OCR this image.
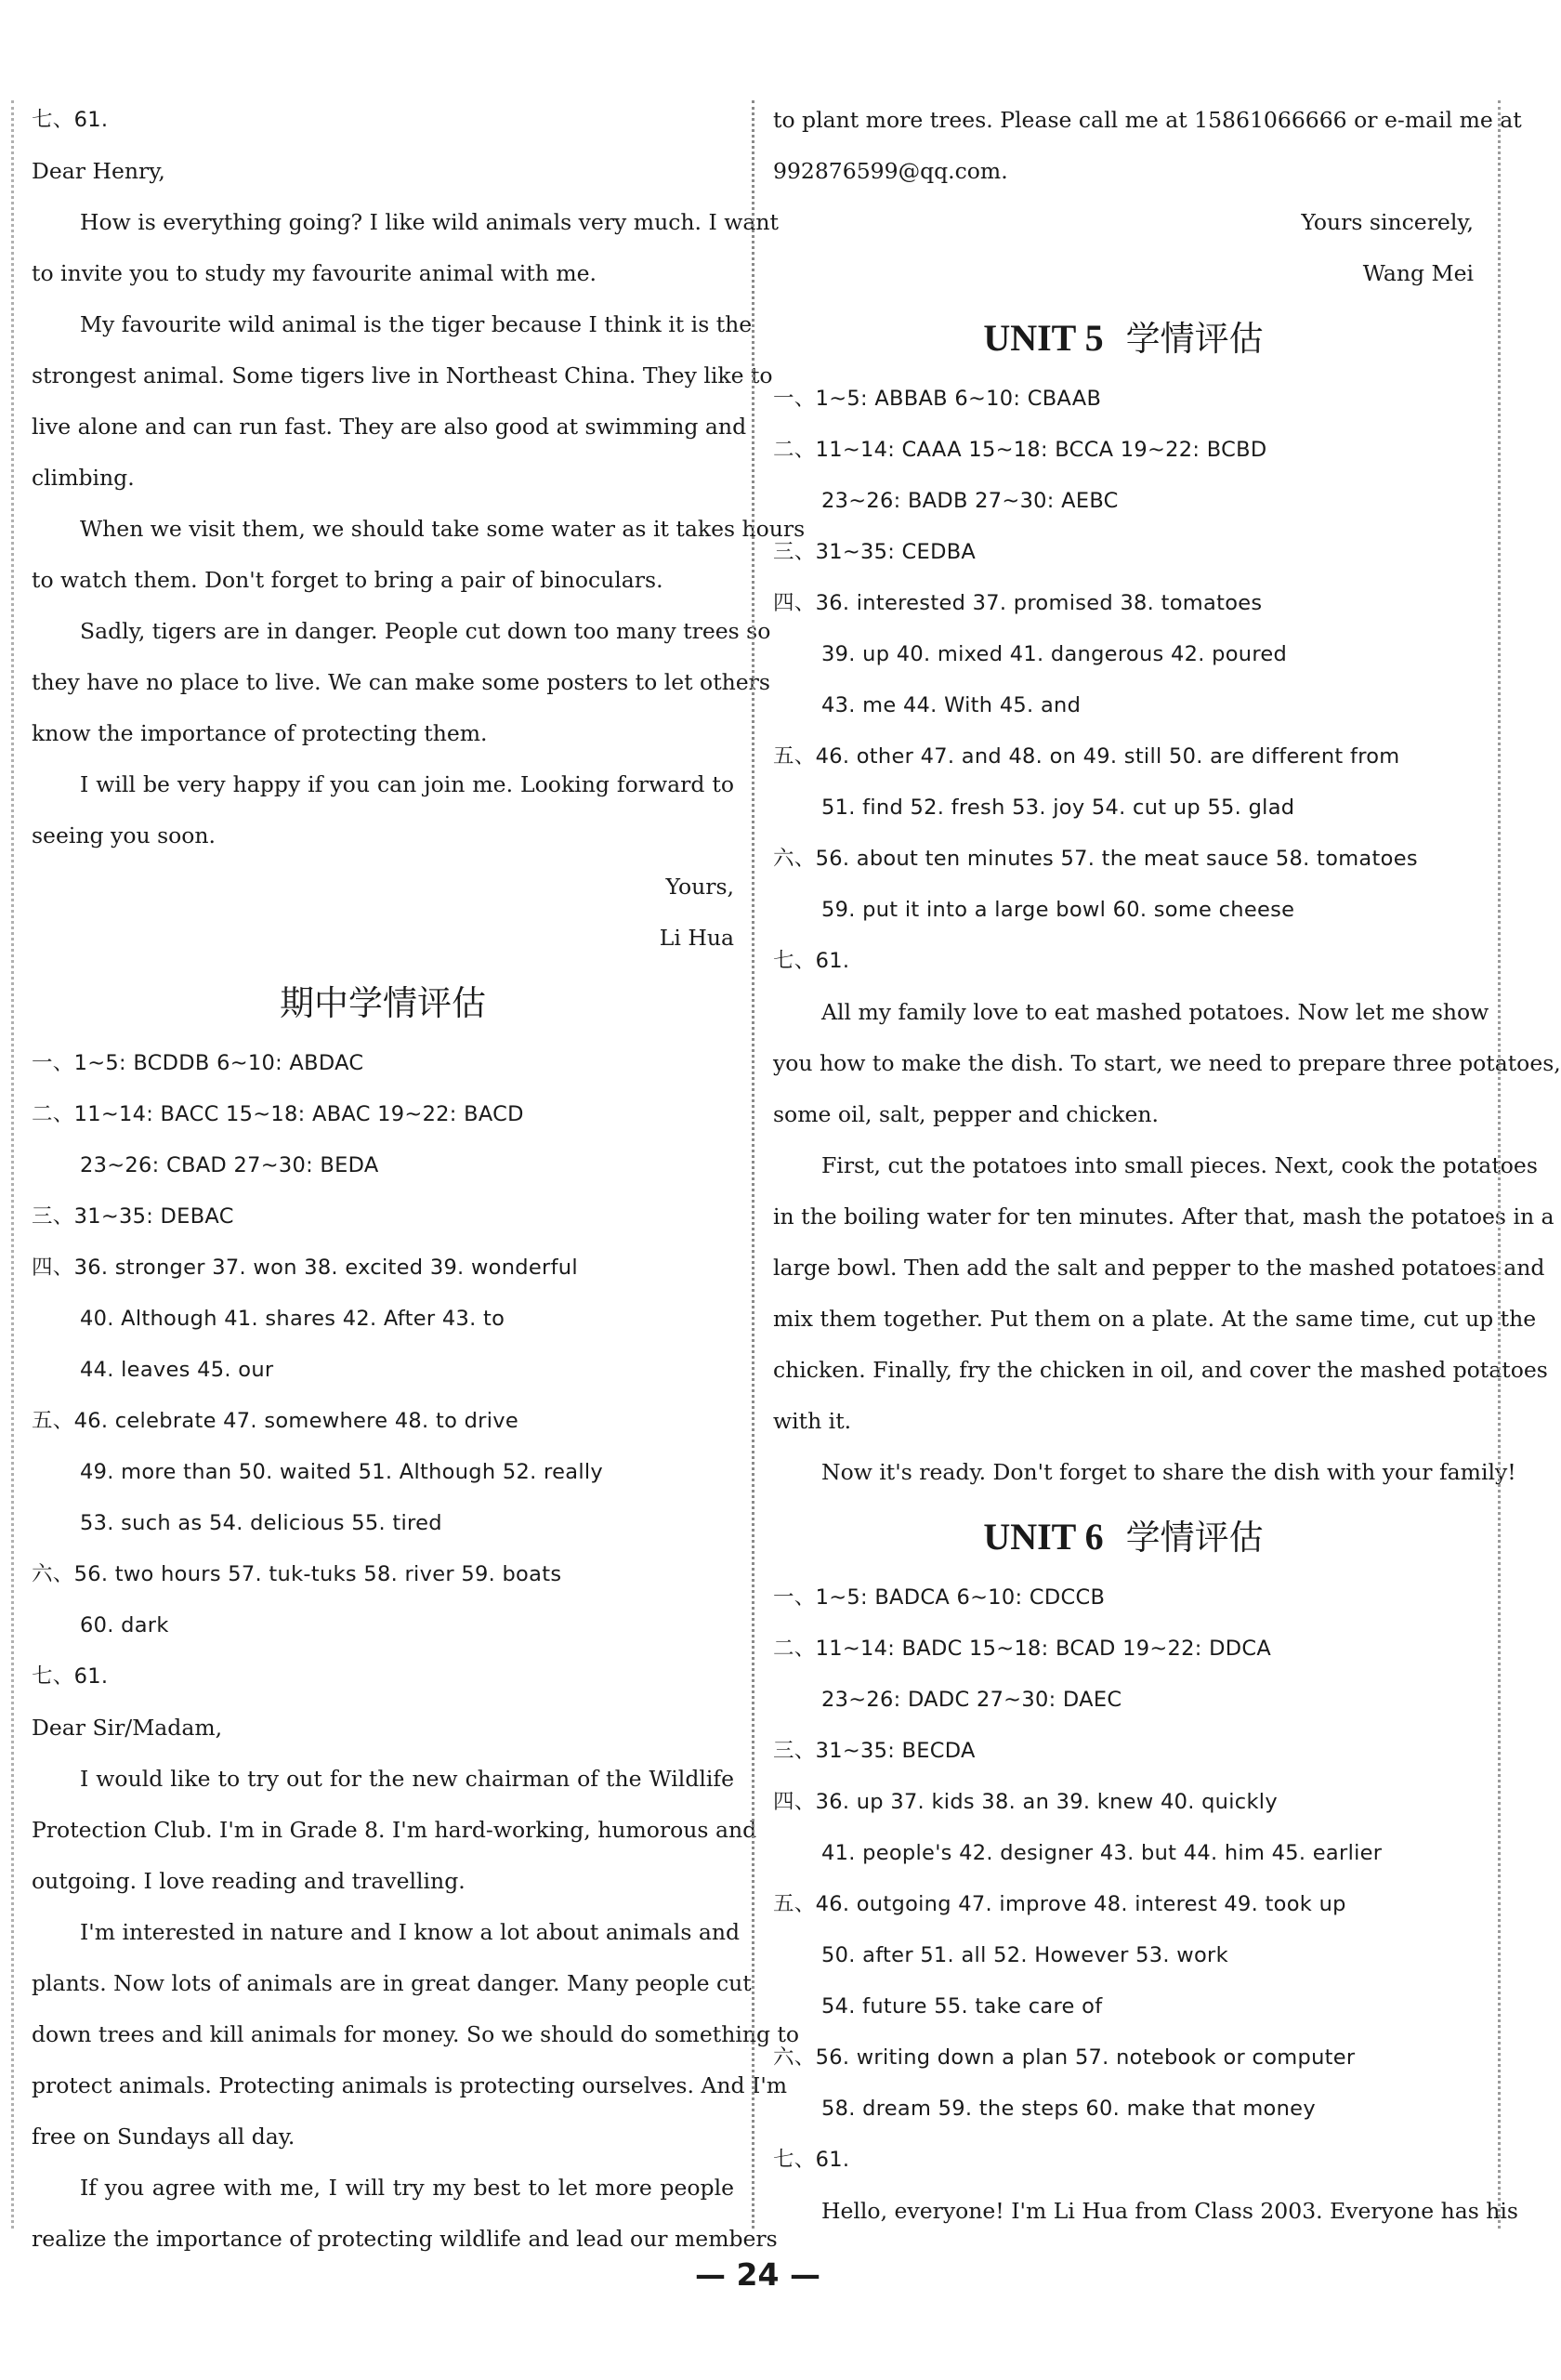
七、61.
Dear Henry,
How is everything going? I like wild animals very much. I want
to invite you to study my favourite animal with me.
My favourite wild animal is the tiger because I think it is the
strongest animal. Some tigers live in Northeast China. They like to
live alone and can run fast. They are also good at swimming and
climbing.
When we visit them, we should take some water as it takes hours
to watch them. Don't forget to bring a pair of binoculars.
Sadly, tigers are in danger. People cut down too many trees so
they have no place to live. We can make some posters to let others
know the importance of protecting them.
I will be very happy if you can join me. Looking forward to
seeing you soon.
Yours,
Li Hua
期中学情评估
一、1~5: BCDDB 6~10: ABDAC
二、11~14: BACC 15~18: ABAC 19~22: BACD
23~26: CBAD 27~30: BEDA
三、31~35: DEBAC
四、36. stronger 37. won 38. excited 39. wonderful
40. Although 41. shares 42. After 43. to
44. leaves 45. our
五、46. celebrate 47. somewhere 48. to drive
49. more than 50. waited 51. Although 52. really
53. such as 54. delicious 55. tired
六、56. two hours 57. tuk-tuks 58. river 59. boats
60. dark
七、61.
Dear Sir/Madam,
I would like to try out for the new chairman of the Wildlife
Protection Club. I'm in Grade 8. I'm hard-working, humorous and
outgoing. I love reading and travelling.
I'm interested in nature and I know a lot about animals and
plants. Now lots of animals are in great danger. Many people cut
down trees and kill animals for money. So we should do something to
protect animals. Protecting animals is protecting ourselves. And I'm
free on Sundays all day.
If you agree with me, I will try my best to let more people
realize the importance of protecting wildlife and lead our members
to plant more trees. Please call me at 15861066666 or e-mail me at
992876599@qq.com.
Yours sincerely,
Wang Mei
UNIT 5 学情评估
一、1~5: ABBAB 6~10: CBAAB
二、11~14: CAAA 15~18: BCCA 19~22: BCBD
23~26: BADB 27~30: AEBC
三、31~35: CEDBA
四、36. interested 37. promised 38. tomatoes
39. up 40. mixed 41. dangerous 42. poured
43. me 44. With 45. and
五、46. other 47. and 48. on 49. still 50. are different from
51. find 52. fresh 53. joy 54. cut up 55. glad
六、56. about ten minutes 57. the meat sauce 58. tomatoes
59. put it into a large bowl 60. some cheese
七、61.
All my family love to eat mashed potatoes. Now let me show
you how to make the dish. To start, we need to prepare three potatoes,
some oil, salt, pepper and chicken.
First, cut the potatoes into small pieces. Next, cook the potatoes
in the boiling water for ten minutes. After that, mash the potatoes in a
large bowl. Then add the salt and pepper to the mashed potatoes and
mix them together. Put them on a plate. At the same time, cut up the
chicken. Finally, fry the chicken in oil, and cover the mashed potatoes
with it.
Now it's ready. Don't forget to share the dish with your family!
UNIT 6 学情评估
一、1~5: BADCA 6~10: CDCCB
二、11~14: BADC 15~18: BCAD 19~22: DDCA
23~26: DADC 27~30: DAEC
三、31~35: BECDA
四、36. up 37. kids 38. an 39. knew 40. quickly
41. people's 42. designer 43. but 44. him 45. earlier
五、46. outgoing 47. improve 48. interest 49. took up
50. after 51. all 52. However 53. work
54. future 55. take care of
六、56. writing down a plan 57. notebook or computer
58. dream 59. the steps 60. make that money
七、61.
Hello, everyone! I'm Li Hua from Class 2003. Everyone has his
— 24 —
